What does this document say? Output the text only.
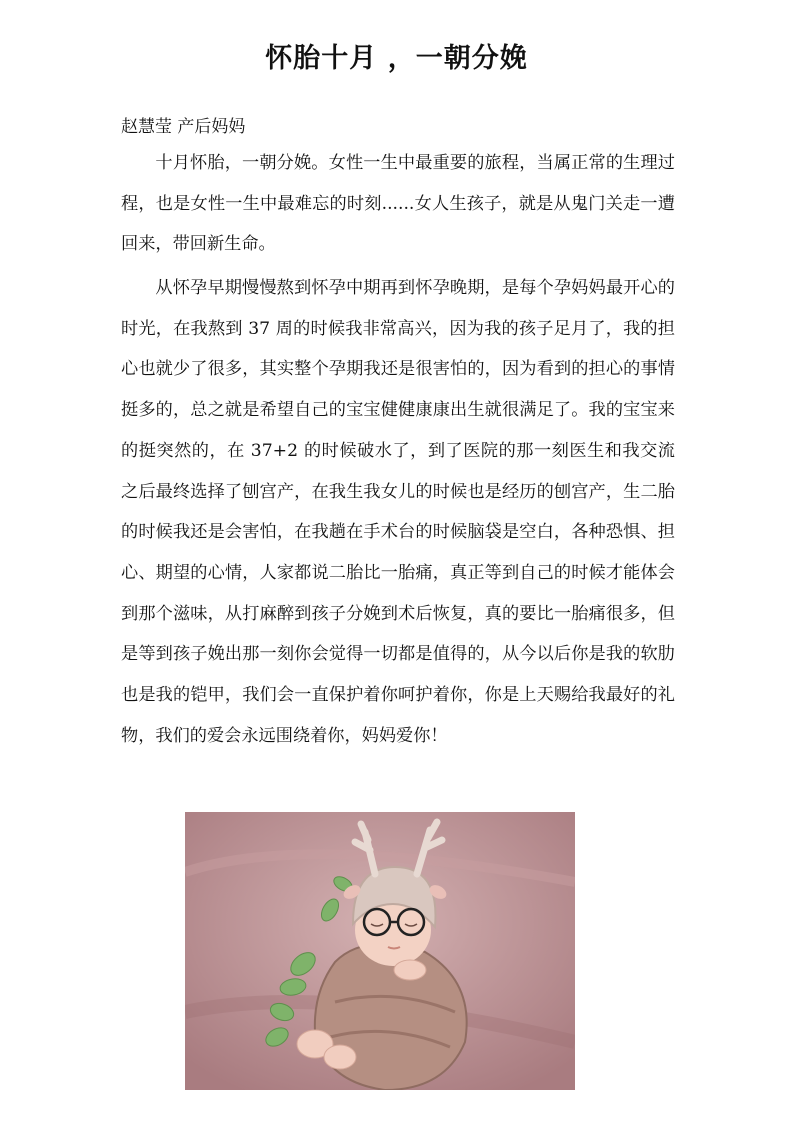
怀胎十月 ，一朝分娩

赵慧莹 产后妈妈

十月怀胎，一朝分娩。女性一生中最重要的旅程，当属正常的生理过程，也是女性一生中最难忘的时刻......女人生孩子，就是从鬼门关走一遭回来，带回新生命。

从怀孕早期慢慢熬到怀孕中期再到怀孕晚期，是每个孕妈妈最开心的时光，在我熬到 37 周的时候我非常高兴，因为我的孩子足月了，我的担心也就少了很多，其实整个孕期我还是很害怕的，因为看到的担心的事情挺多的，总之就是希望自己的宝宝健健康康出生就很满足了。我的宝宝来的挺突然的，在 37+2 的时候破水了，到了医院的那一刻医生和我交流之后最终选择了刨宫产，在我生我女儿的时候也是经历的刨宫产，生二胎的时候我还是会害怕，在我趟在手术台的时候脑袋是空白，各种恐惧、担心、期望的心情，人家都说二胎比一胎痛，真正等到自己的时候才能体会到那个滋味，从打麻醉到孩子分娩到术后恢复，真的要比一胎痛很多，但是等到孩子娩出那一刻你会觉得一切都是值得的，从今以后你是我的软肋也是我的铠甲，我们会一直保护着你呵护着你，你是上天赐给我最好的礼物，我们的爱会永远围绕着你，妈妈爱你！
